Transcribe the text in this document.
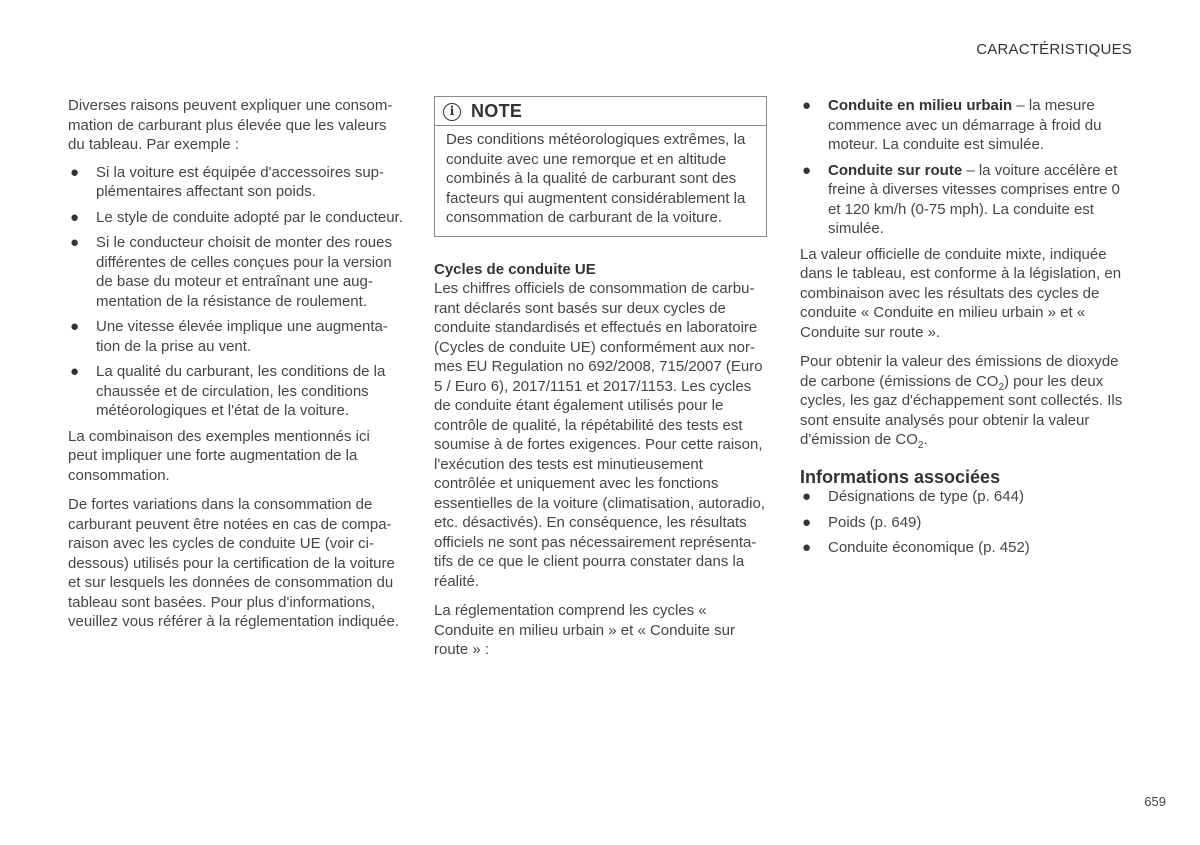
CARACTÉRISTIQUES

Diverses raisons peuvent expliquer une consommation de carburant plus élevée que les valeurs du tableau. Par exemple :

● Si la voiture est équipée d'accessoires supplémentaires affectant son poids.
● Le style de conduite adopté par le conducteur.
● Si le conducteur choisit de monter des roues différentes de celles conçues pour la version de base du moteur et entraînant une augmentation de la résistance de roulement.
● Une vitesse élevée implique une augmentation de la prise au vent.
● La qualité du carburant, les conditions de la chaussée et de circulation, les conditions météorologiques et l'état de la voiture.

La combinaison des exemples mentionnés ici peut impliquer une forte augmentation de la consommation.

De fortes variations dans la consommation de carburant peuvent être notées en cas de comparaison avec les cycles de conduite UE (voir ci-dessous) utilisés pour la certification de la voiture et sur lesquels les données de consommation du tableau sont basées. Pour plus d'informations, veuillez vous référer à la réglementation indiquée.

i NOTE
Des conditions météorologiques extrêmes, la conduite avec une remorque et en altitude combinés à la qualité de carburant sont des facteurs qui augmentent considérablement la consommation de carburant de la voiture.
Cycles de conduite UE

Les chiffres officiels de consommation de carburant déclarés sont basés sur deux cycles de conduite standardisés et effectués en laboratoire (Cycles de conduite UE) conformément aux normes EU Regulation no 692/2008, 715/2007 (Euro 5 / Euro 6), 2017/1151 et 2017/1153. Les cycles de conduite étant également utilisés pour le contrôle de qualité, la répétabilité des tests est soumise à de fortes exigences. Pour cette raison, l'exécution des tests est minutieusement contrôlée et uniquement avec les fonctions essentielles de la voiture (climatisation, autoradio, etc. désactivés). En conséquence, les résultats officiels ne sont pas nécessairement représentatifs de ce que le client pourra constater dans la réalité.

La réglementation comprend les cycles « Conduite en milieu urbain » et « Conduite sur route » :

● Conduite en milieu urbain – la mesure commence avec un démarrage à froid du moteur. La conduite est simulée.
● Conduite sur route – la voiture accélère et freine à diverses vitesses comprises entre 0 et 120 km/h (0-75 mph). La conduite est simulée.

La valeur officielle de conduite mixte, indiquée dans le tableau, est conforme à la législation, en combinaison avec les résultats des cycles de conduite « Conduite en milieu urbain » et « Conduite sur route ».

Pour obtenir la valeur des émissions de dioxyde de carbone (émissions de $CO_2$) pour les deux cycles, les gaz d'échappement sont collectés. Ils sont ensuite analysés pour obtenir la valeur d'émission de $CO_2$.

Informations associées
● Désignations de type (p. 644)
● Poids (p. 649)
● Conduite économique (p. 452)
659
